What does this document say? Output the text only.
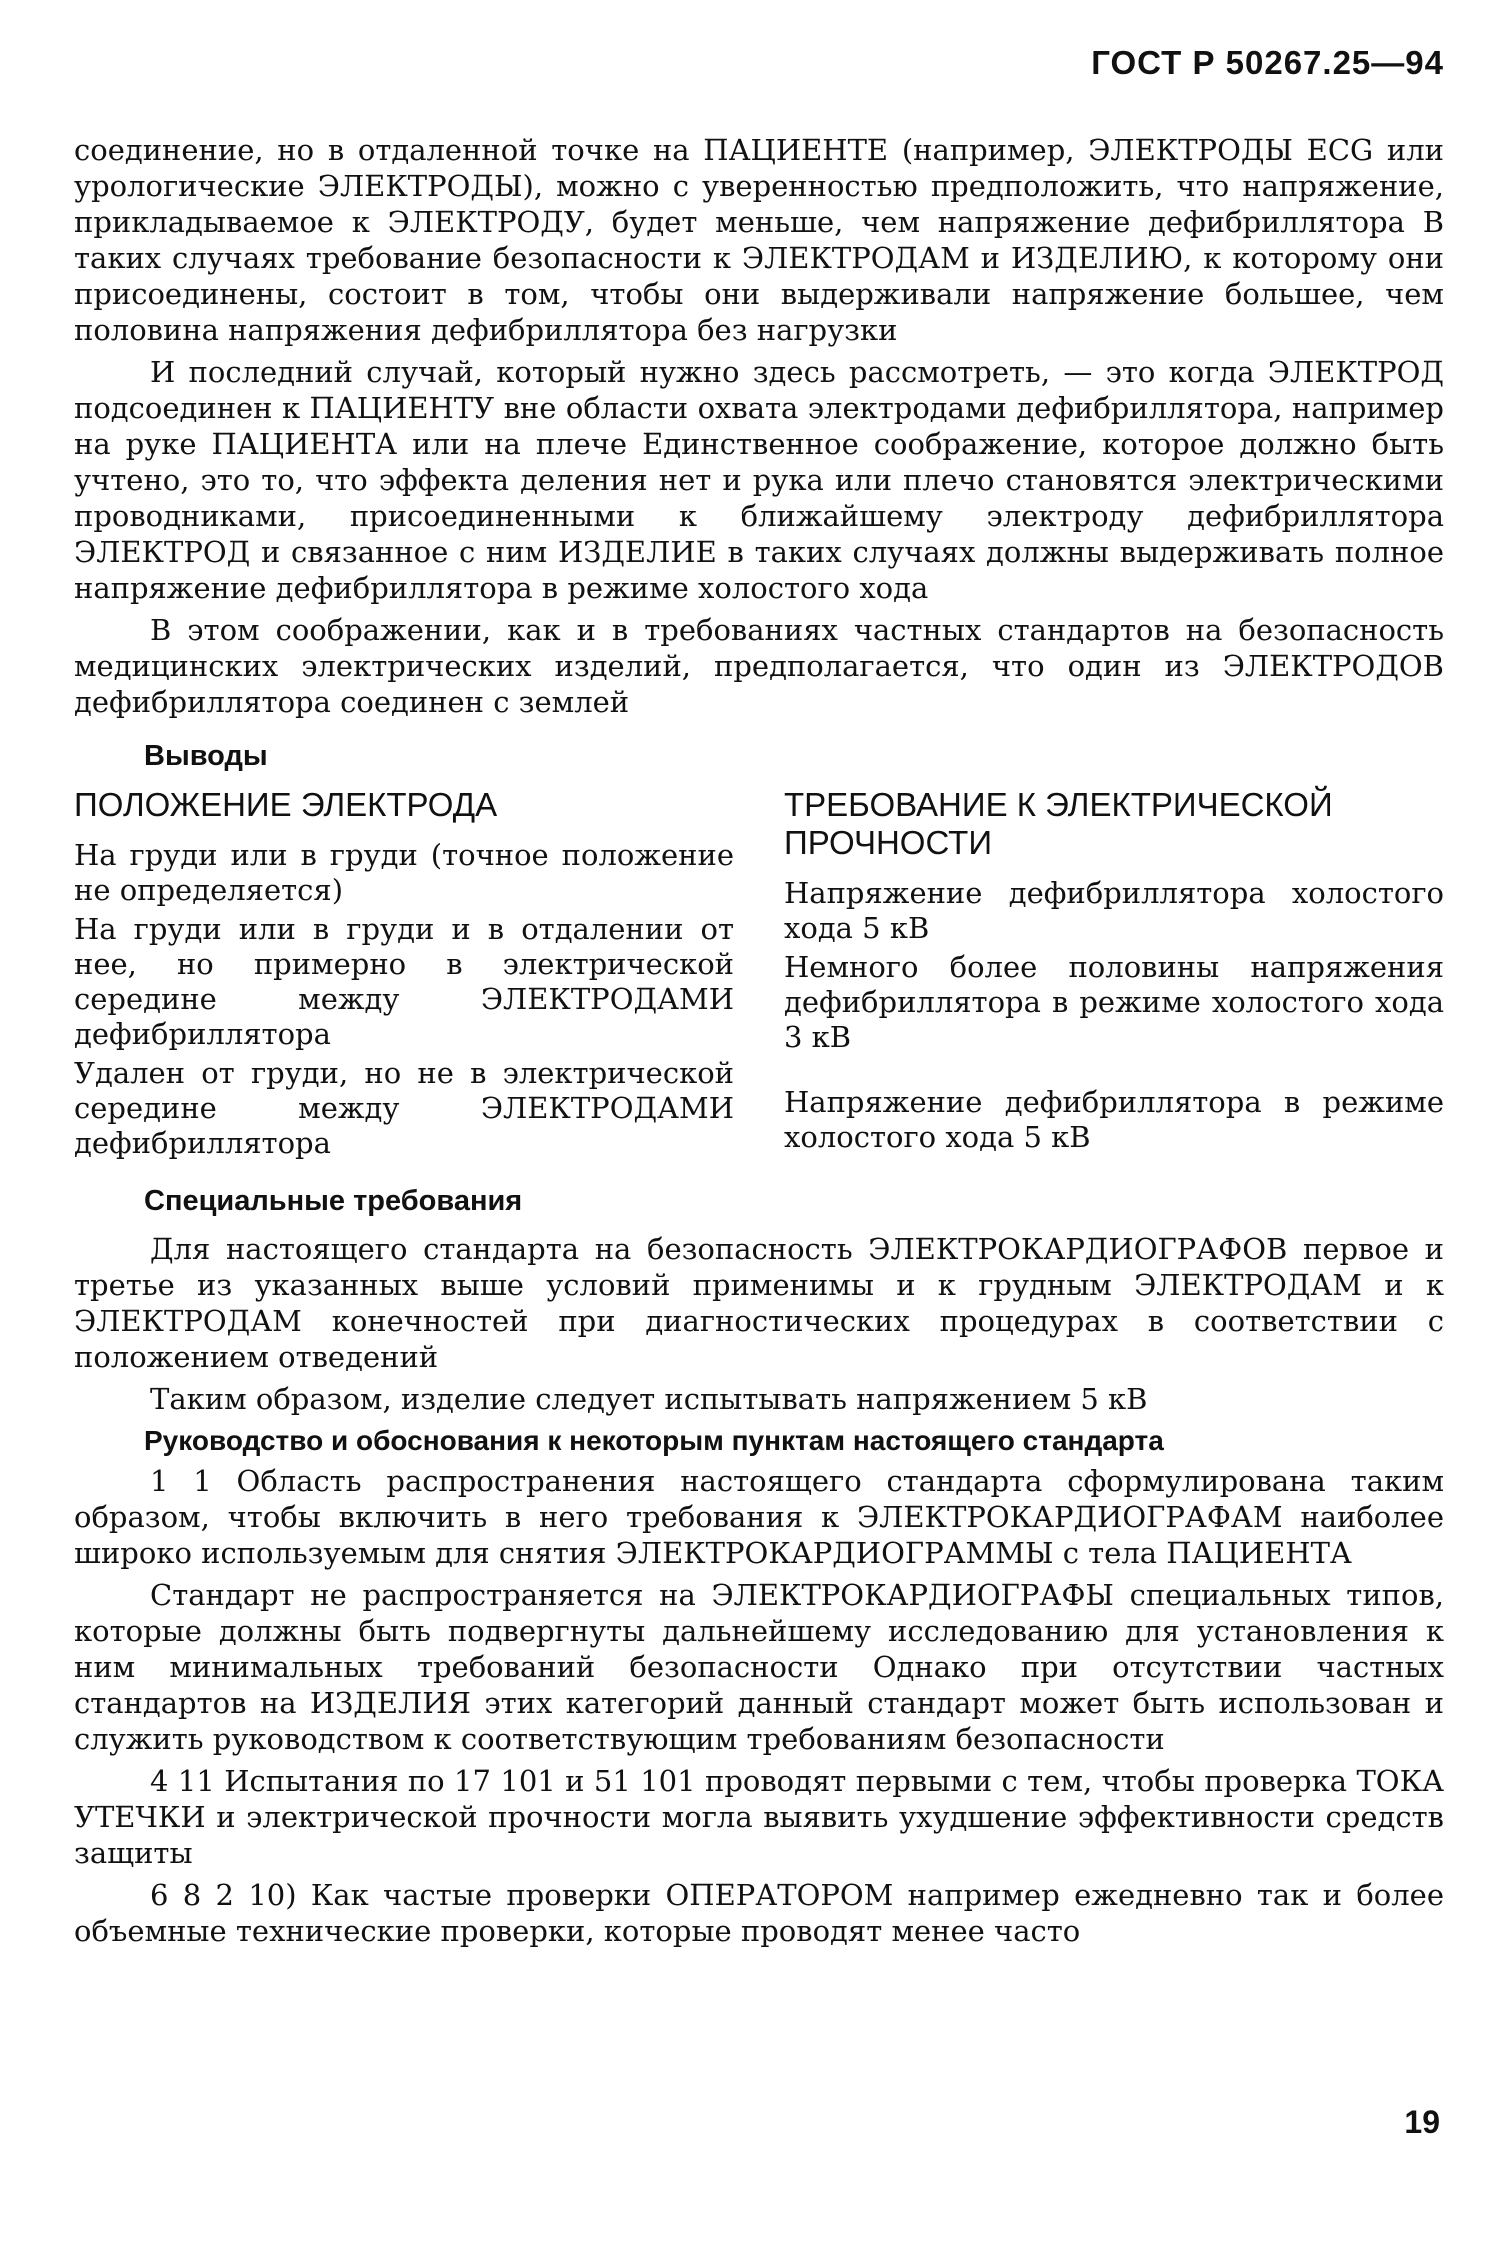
ГОСТ Р 50267.25—94

соединение, но в отдаленной точке на ПАЦИЕНТЕ (например, ЭЛЕКТРОДЫ ECG или урологические ЭЛЕКТРОДЫ), можно с уверенностью предположить, что напряжение, прикладываемое к ЭЛЕКТРОДУ, будет меньше, чем напряжение дефибриллятора В таких случаях требование безопасности к ЭЛЕКТРОДАМ и ИЗДЕЛИЮ, к которому они присоединены, состоит в том, чтобы они выдерживали напряжение большее, чем половина напряжения дефибриллятора без нагрузки

И последний случай, который нужно здесь рассмотреть, — это когда ЭЛЕКТРОД подсоединен к ПАЦИЕНТУ вне области охвата электродами дефибриллятора, например на руке ПАЦИЕНТА или на плече Единственное соображение, которое должно быть учтено, это то, что эффекта деления нет и рука или плечо становятся электрическими проводниками, присоединенными к ближайшему электроду дефибриллятора ЭЛЕКТРОД и связанное с ним ИЗДЕЛИЕ в таких случаях должны выдерживать полное напряжение дефибриллятора в режиме холостого хода

В этом соображении, как и в требованиях частных стандартов на безопасность медицинских электрических изделий, предполагается, что один из ЭЛЕКТРОДОВ дефибриллятора соединен с землей

Выводы
ПОЛОЖЕНИЕ ЭЛЕКТРОДА
На груди или в груди (точное положение не определяется)
На груди или в груди и в отдалении от нее, но примерно в электрической середине между ЭЛЕКТРОДАМИ дефибриллятора
Удален от груди, но не в электрической середине между ЭЛЕКТРОДАМИ дефибриллятора
ТРЕБОВАНИЕ К ЭЛЕКТРИЧЕСКОЙ ПРОЧНОСТИ
Напряжение дефибриллятора холостого хода 5 кВ
Немного более половины напряжения дефибриллятора в режиме холостого хода 3 кВ
Напряжение дефибриллятора в режиме холостого хода 5 кВ
Специальные требования

Для настоящего стандарта на безопасность ЭЛЕКТРОКАРДИОГРАФОВ первое и третье из указанных выше условий применимы и к грудным ЭЛЕКТРОДАМ и к ЭЛЕКТРОДАМ конечностей при диагностических процедурах в соответствии с положением отведений

Таким образом, изделие следует испытывать напряжением 5 кВ

Руководство и обоснования к некоторым пунктам настоящего стандарта

1 1 Область распространения настоящего стандарта сформулирована таким образом, чтобы включить в него требования к ЭЛЕКТРОКАРДИОГРАФАМ наиболее широко используемым для снятия ЭЛЕКТРОКАРДИОГРАММЫ с тела ПАЦИЕНТА

Стандарт не распространяется на ЭЛЕКТРОКАРДИОГРАФЫ специальных типов, которые должны быть подвергнуты дальнейшему исследованию для установления к ним минимальных требований безопасности Однако при отсутствии частных стандартов на ИЗДЕЛИЯ этих категорий данный стандарт может быть использован и служить руководством к соответствующим требованиям безопасности

4 11 Испытания по 17 101 и 51 101 проводят первыми с тем, чтобы проверка ТОКА УТЕЧКИ и электрической прочности могла выявить ухудшение эффективности средств защиты

6 8 2 10) Как частые проверки ОПЕРАТОРОМ например ежедневно так и более объемные технические проверки, которые проводят менее часто

19
